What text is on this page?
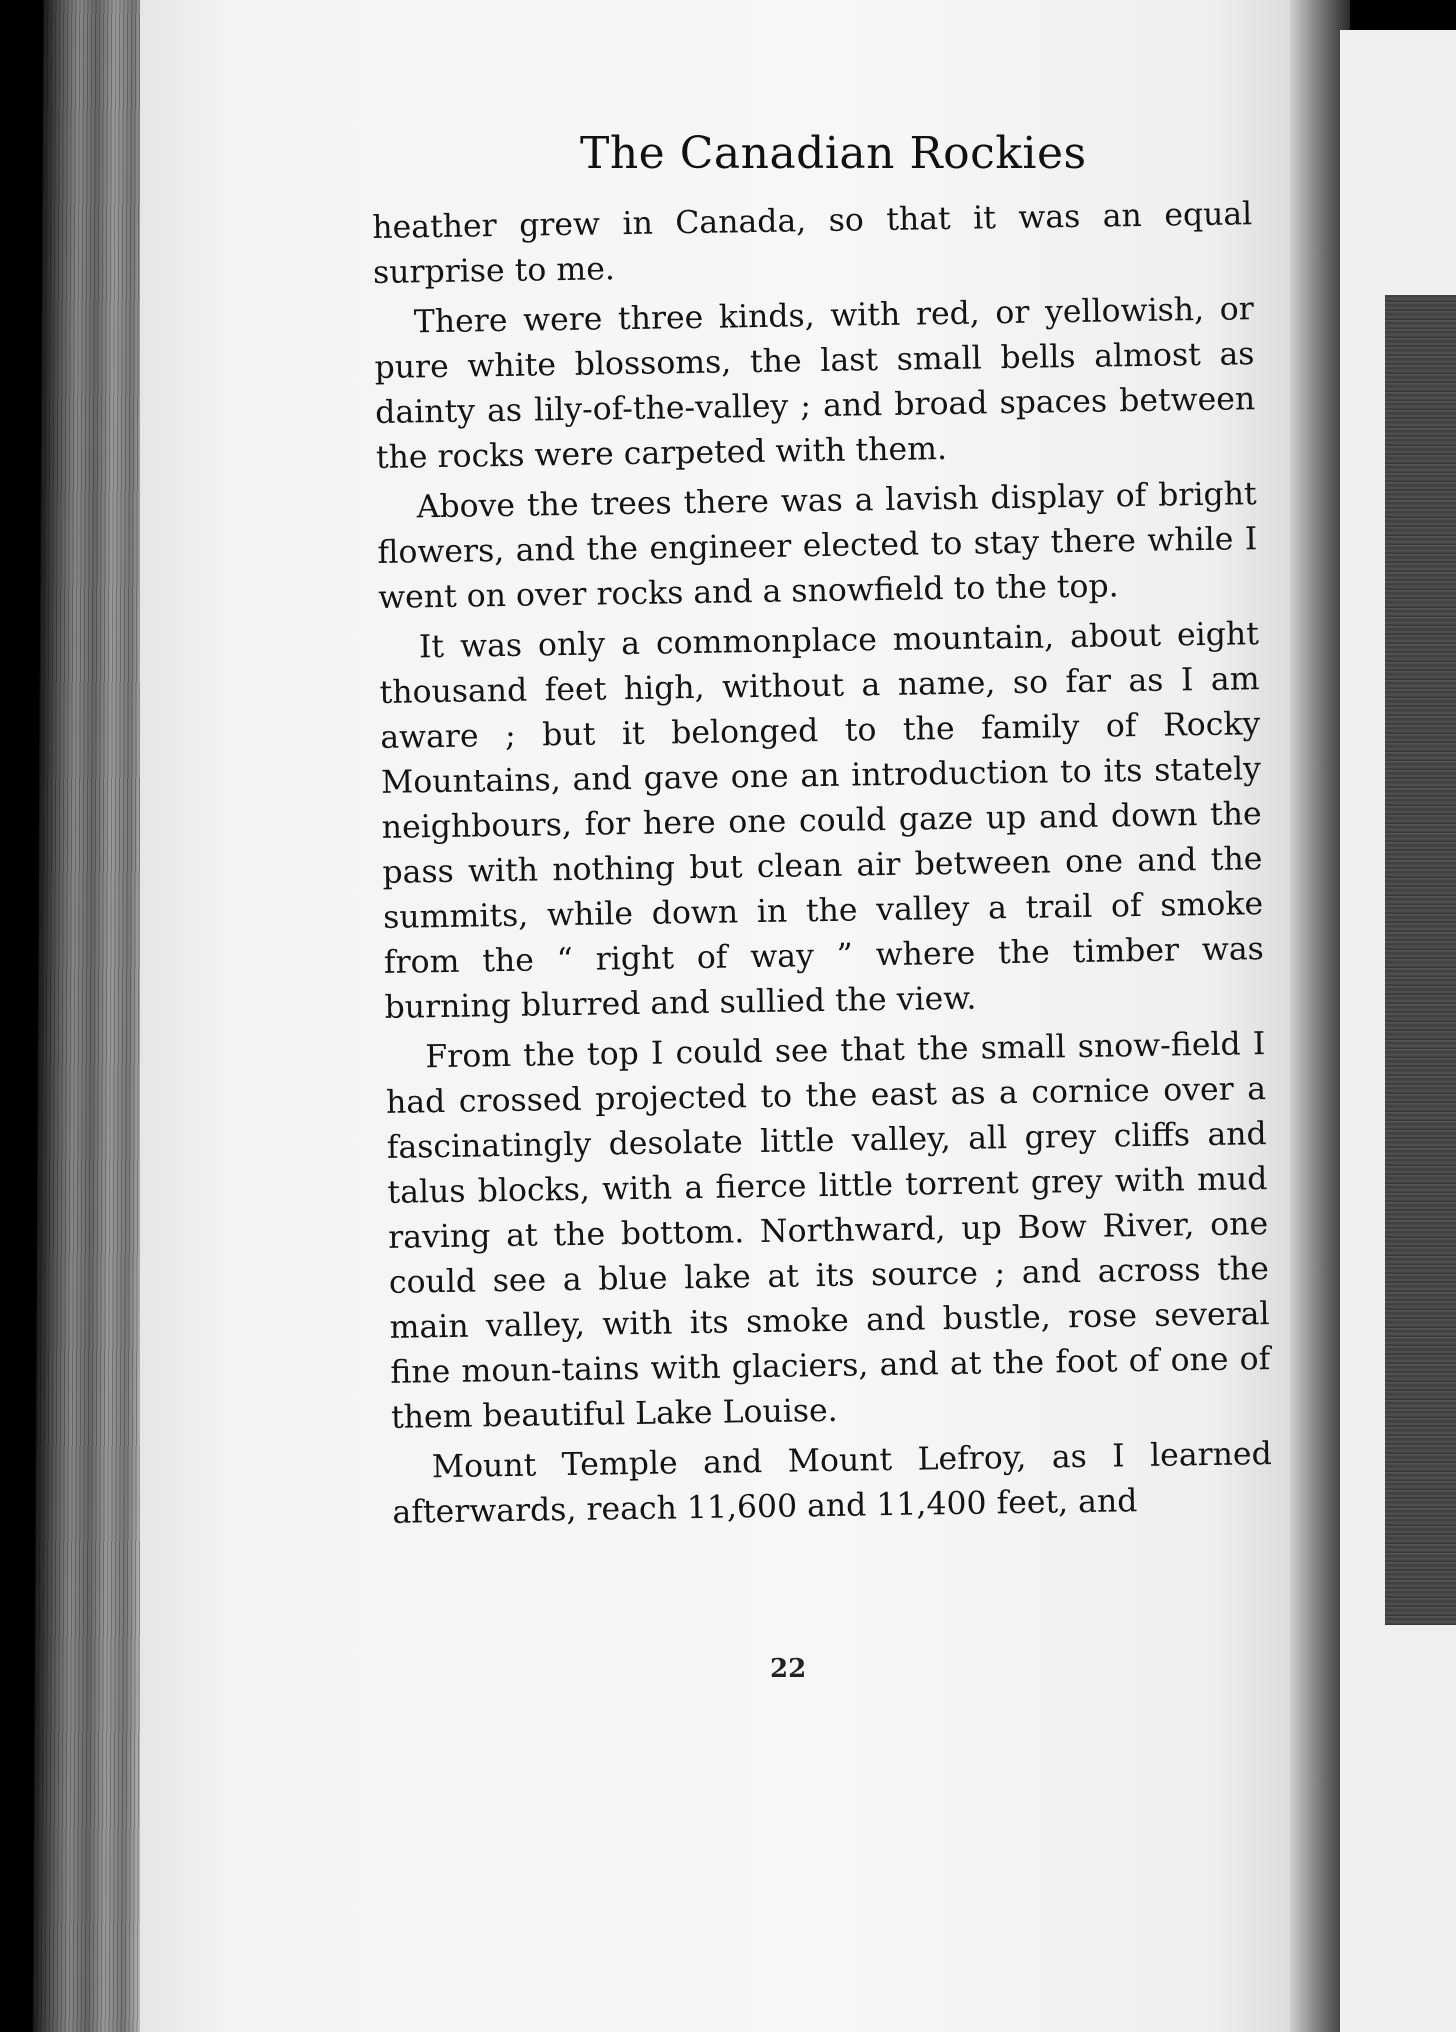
The Canadian Rockies

heather grew in Canada, so that it was an equal surprise to me.

There were three kinds, with red, or yellowish, or pure white blossoms, the last small bells almost as dainty as lily-of-the-valley ; and broad spaces between the rocks were carpeted with them.

Above the trees there was a lavish display of bright flowers, and the engineer elected to stay there while I went on over rocks and a snowfield to the top.

It was only a commonplace mountain, about eight thousand feet high, without a name, so far as I am aware ; but it belonged to the family of Rocky Mountains, and gave one an introduction to its stately neighbours, for here one could gaze up and down the pass with nothing but clean air between one and the summits, while down in the valley a trail of smoke from the “ right of way ” where the timber was burning blurred and sullied the view.

From the top I could see that the small snow-field I had crossed projected to the east as a cornice over a fascinatingly desolate little valley, all grey cliffs and talus blocks, with a fierce little torrent grey with mud raving at the bottom. Northward, up Bow River, one could see a blue lake at its source ; and across the main valley, with its smoke and bustle, rose several fine moun-tains with glaciers, and at the foot of one of them beautiful Lake Louise.

Mount Temple and Mount Lefroy, as I learned afterwards, reach 11,600 and 11,400 feet, and

22
